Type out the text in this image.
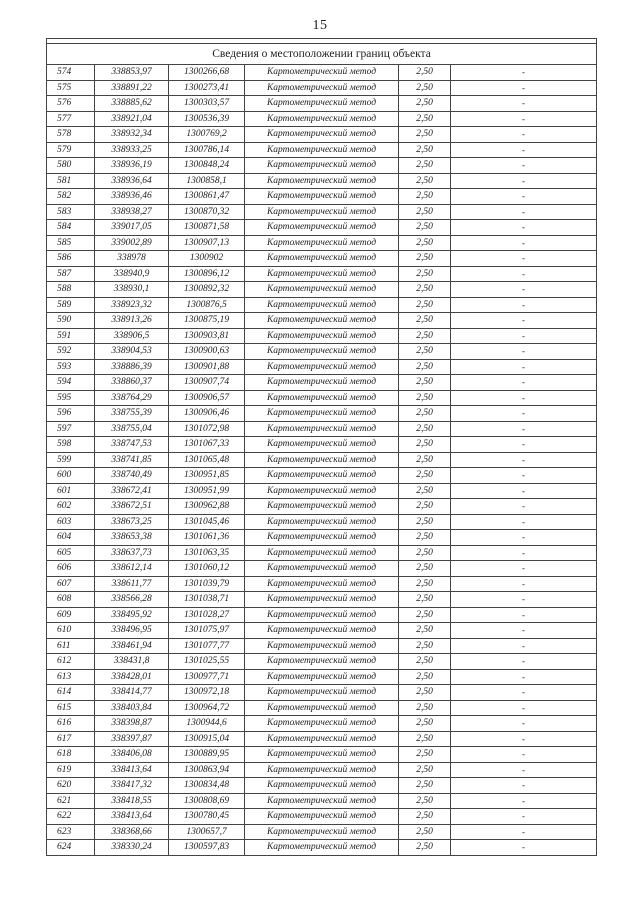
15

Сведения о местоположении границ объекта					
574	338853,97	1300266,68	Картометрический метод	2,50	-
575	338891,22	1300273,41	Картометрический метод	2,50	-
576	338885,62	1300303,57	Картометрический метод	2,50	-
577	338921,04	1300536,39	Картометрический метод	2,50	-
578	338932,34	1300769,2	Картометрический метод	2,50	-
579	338933,25	1300786,14	Картометрический метод	2,50	-
580	338936,19	1300848,24	Картометрический метод	2,50	-
581	338936,64	1300858,1	Картометрический метод	2,50	-
582	338936,46	1300861,47	Картометрический метод	2,50	-
583	338938,27	1300870,32	Картометрический метод	2,50	-
584	339017,05	1300871,58	Картометрический метод	2,50	-
585	339002,89	1300907,13	Картометрический метод	2,50	-
586	338978	1300902	Картометрический метод	2,50	-
587	338940,9	1300896,12	Картометрический метод	2,50	-
588	338930,1	1300892,32	Картометрический метод	2,50	-
589	338923,32	1300876,5	Картометрический метод	2,50	-
590	338913,26	1300875,19	Картометрический метод	2,50	-
591	338906,5	1300903,81	Картометрический метод	2,50	-
592	338904,53	1300900,63	Картометрический метод	2,50	-
593	338886,39	1300901,88	Картометрический метод	2,50	-
594	338860,37	1300907,74	Картометрический метод	2,50	-
595	338764,29	1300906,57	Картометрический метод	2,50	-
596	338755,39	1300906,46	Картометрический метод	2,50	-
597	338755,04	1301072,98	Картометрический метод	2,50	-
598	338747,53	1301067,33	Картометрический метод	2,50	-
599	338741,85	1301065,48	Картометрический метод	2,50	-
600	338740,49	1300951,85	Картометрический метод	2,50	-
601	338672,41	1300951,99	Картометрический метод	2,50	-
602	338672,51	1300962,88	Картометрический метод	2,50	-
603	338673,25	1301045,46	Картометрический метод	2,50	-
604	338653,38	1301061,36	Картометрический метод	2,50	-
605	338637,73	1301063,35	Картометрический метод	2,50	-
606	338612,14	1301060,12	Картометрический метод	2,50	-
607	338611,77	1301039,79	Картометрический метод	2,50	-
608	338566,28	1301038,71	Картометрический метод	2,50	-
609	338495,92	1301028,27	Картометрический метод	2,50	-
610	338496,95	1301075,97	Картометрический метод	2,50	-
611	338461,94	1301077,77	Картометрический метод	2,50	-
612	338431,8	1301025,55	Картометрический метод	2,50	-
613	338428,01	1300977,71	Картометрический метод	2,50	-
614	338414,77	1300972,18	Картометрический метод	2,50	-
615	338403,84	1300964,72	Картометрический метод	2,50	-
616	338398,87	1300944,6	Картометрический метод	2,50	-
617	338397,87	1300915,04	Картометрический метод	2,50	-
618	338406,08	1300889,95	Картометрический метод	2,50	-
619	338413,64	1300863,94	Картометрический метод	2,50	-
620	338417,32	1300834,48	Картометрический метод	2,50	-
621	338418,55	1300808,69	Картометрический метод	2,50	-
622	338413,64	1300780,45	Картометрический метод	2,50	-
623	338368,66	1300657,7	Картометрический метод	2,50	-
624	338330,24	1300597,83	Картометрический метод	2,50	-
